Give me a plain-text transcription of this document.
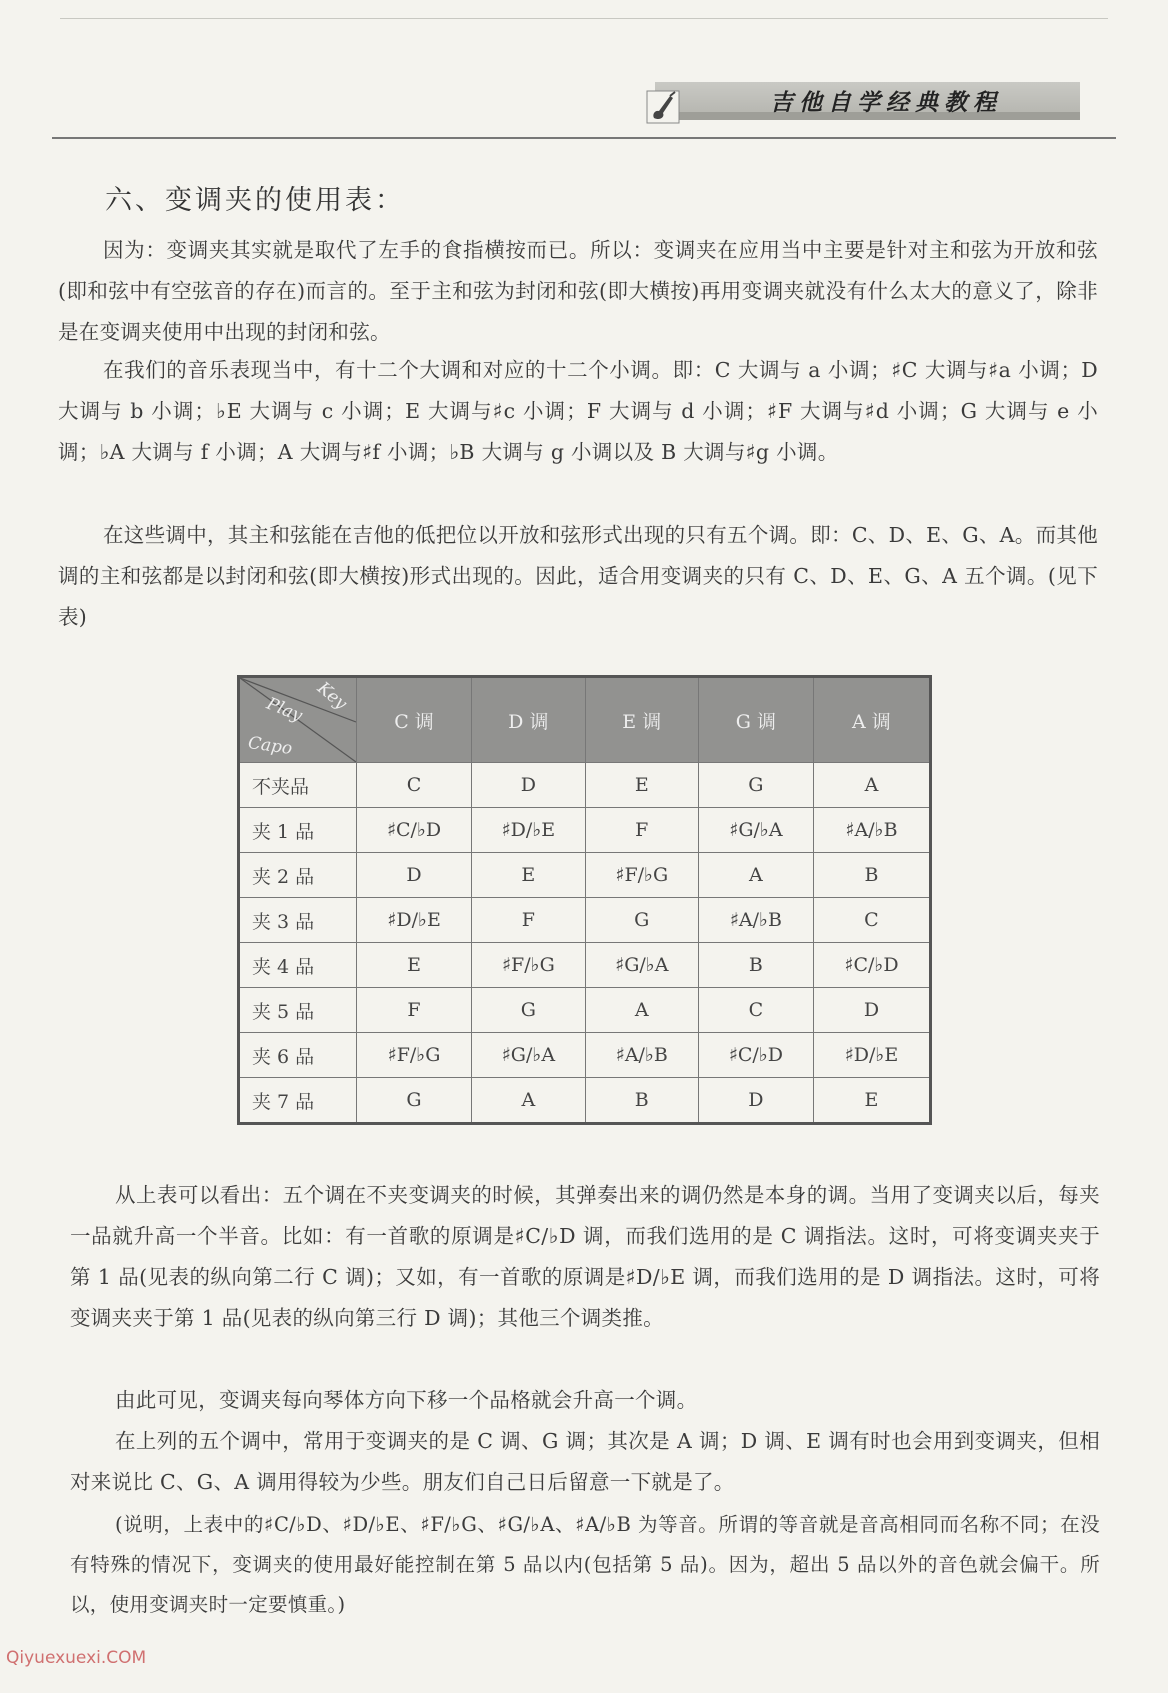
吉他自学经典教程
六、变调夹的使用表：

因为：变调夹其实就是取代了左手的食指横按而已。所以：变调夹在应用当中主要是针对主和弦为开放和弦(即和弦中有空弦音的存在)而言的。至于主和弦为封闭和弦(即大横按)再用变调夹就没有什么太大的意义了，除非是在变调夹使用中出现的封闭和弦。

在我们的音乐表现当中，有十二个大调和对应的十二个小调。即：C 大调与 a 小调；♯C 大调与♯a 小调；D 大调与 b 小调；♭E 大调与 c 小调；E 大调与♯c 小调；F 大调与 d 小调；♯F 大调与♯d 小调；G 大调与 e 小调；♭A 大调与 f 小调；A 大调与♯f 小调；♭B 大调与 g 小调以及 B 大调与♯g 小调。

在这些调中，其主和弦能在吉他的低把位以开放和弦形式出现的只有五个调。即：C、D、E、G、A。而其他调的主和弦都是以封闭和弦(即大横按)形式出现的。因此，适合用变调夹的只有 C、D、E、G、A 五个调。(见下表)

Key
Play
Capo	C 调	D 调	E 调	G 调	A 调
不夹品	C	D	E	G	A
夹 1 品	♯C/♭D	♯D/♭E	F	♯G/♭A	♯A/♭B
夹 2 品	D	E	♯F/♭G	A	B
夹 3 品	♯D/♭E	F	G	♯A/♭B	C
夹 4 品	E	♯F/♭G	♯G/♭A	B	♯C/♭D
夹 5 品	F	G	A	C	D
夹 6 品	♯F/♭G	♯G/♭A	♯A/♭B	♯C/♭D	♯D/♭E
夹 7 品	G	A	B	D	E

从上表可以看出：五个调在不夹变调夹的时候，其弹奏出来的调仍然是本身的调。当用了变调夹以后，每夹一品就升高一个半音。比如：有一首歌的原调是♯C/♭D 调，而我们选用的是 C 调指法。这时，可将变调夹夹于第 1 品(见表的纵向第二行 C 调)；又如，有一首歌的原调是♯D/♭E 调，而我们选用的是 D 调指法。这时，可将变调夹夹于第 1 品(见表的纵向第三行 D 调)；其他三个调类推。

由此可见，变调夹每向琴体方向下移一个品格就会升高一个调。

在上列的五个调中，常用于变调夹的是 C 调、G 调；其次是 A 调；D 调、E 调有时也会用到变调夹，但相对来说比 C、G、A 调用得较为少些。朋友们自己日后留意一下就是了。

(说明，上表中的♯C/♭D、♯D/♭E、♯F/♭G、♯G/♭A、♯A/♭B 为等音。所谓的等音就是音高相同而名称不同；在没有特殊的情况下，变调夹的使用最好能控制在第 5 品以内(包括第 5 品)。因为，超出 5 品以外的音色就会偏干。所以，使用变调夹时一定要慎重。)

Qiyuexuexi.COM
